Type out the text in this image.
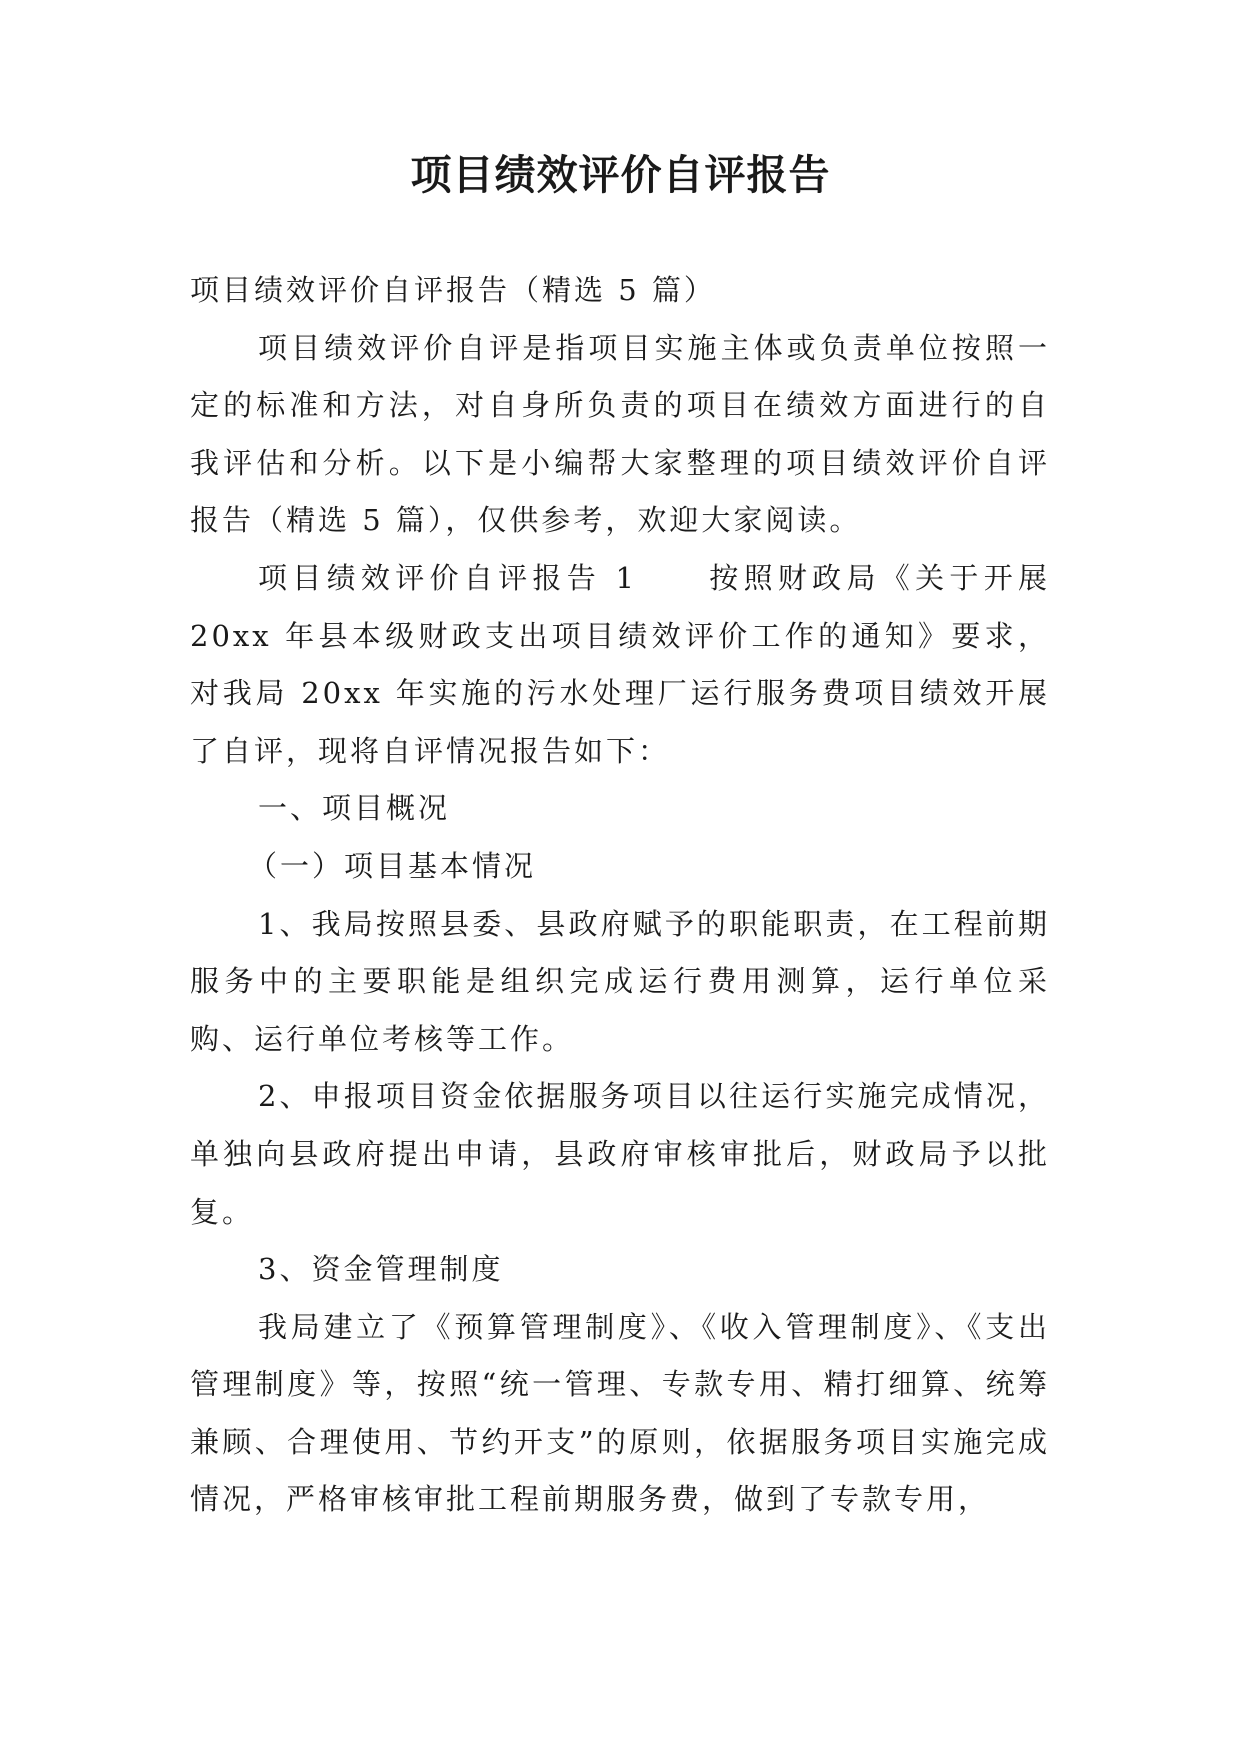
项目绩效评价自评报告

项目绩效评价自评报告（精选 5 篇）

项目绩效评价自评是指项目实施主体或负责单位按照一定的标准和方法，对自身所负责的项目在绩效方面进行的自我评估和分析。以下是小编帮大家整理的项目绩效评价自评报告（精选 5 篇），仅供参考，欢迎大家阅读。

项目绩效评价自评报告 1 按照财政局《关于开展 20xx 年县本级财政支出项目绩效评价工作的通知》要求，对我局 20xx 年实施的污水处理厂运行服务费项目绩效开展了自评，现将自评情况报告如下：

一、项目概况

（一）项目基本情况

1、我局按照县委、县政府赋予的职能职责，在工程前期服务中的主要职能是组织完成运行费用测算，运行单位采购、运行单位考核等工作。

2、申报项目资金依据服务项目以往运行实施完成情况，单独向县政府提出申请，县政府审核审批后，财政局予以批复。

3、资金管理制度

我局建立了《预算管理制度》、《收入管理制度》、《支出管理制度》等，按照“统一管理、专款专用、精打细算、统筹兼顾、合理使用、节约开支”的原则，依据服务项目实施完成情况，严格审核审批工程前期服务费，做到了专款专用，
